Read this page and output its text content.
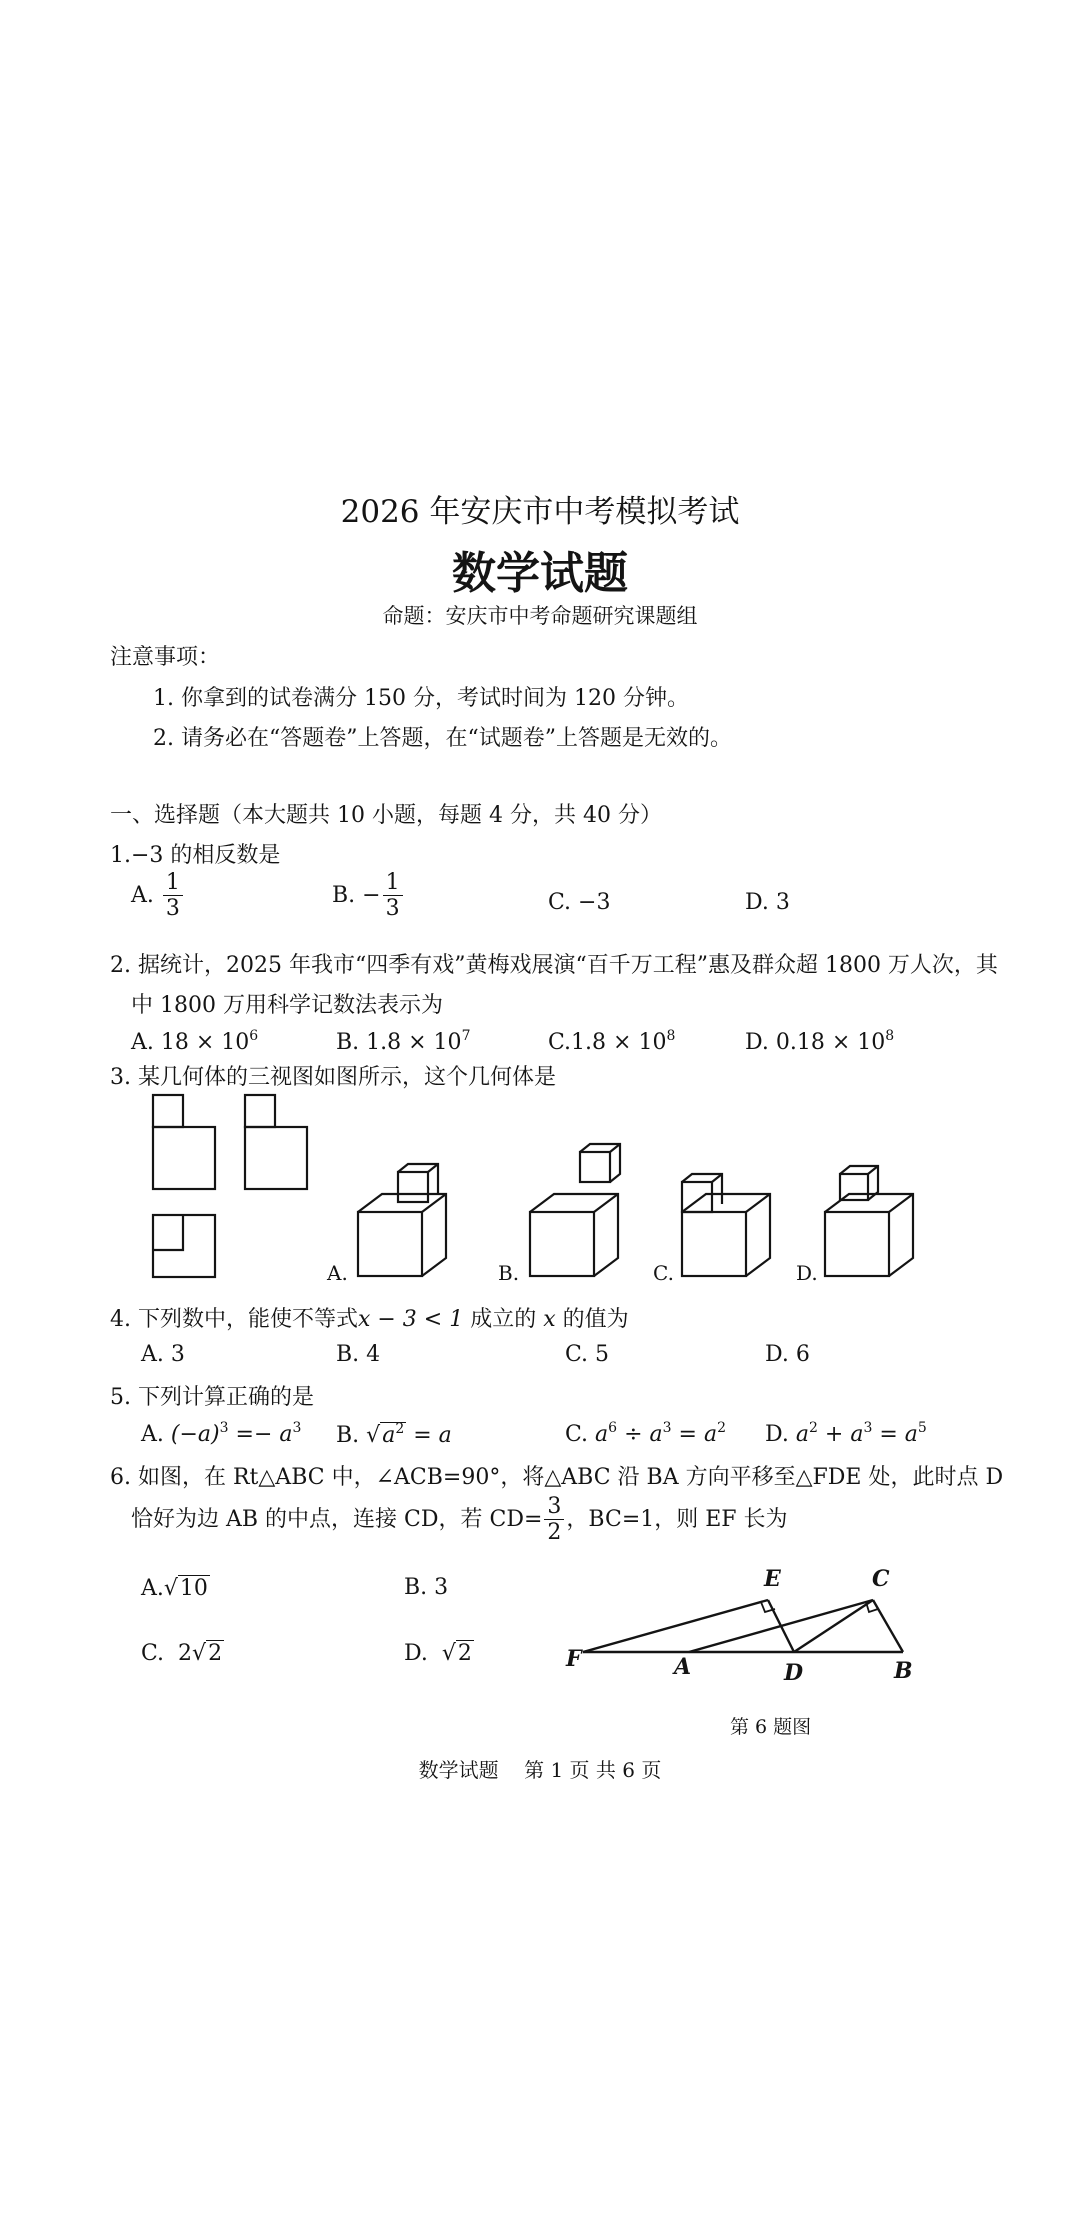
2026 年安庆市中考模拟考试
数学试题
命题：安庆市中考命题研究课题组
注意事项：
1. 你拿到的试卷满分 150 分，考试时间为 120 分钟。
2. 请务必在“答题卷”上答题，在“试题卷”上答题是无效的。
一、选择题（本大题共 10 小题，每题 4 分，共 40 分）
1.−3 的相反数是
A. $\frac{1}{3}$	B. − $\frac{1}{3}$	C. −3	D. 3
2. 据统计，2025 年我市“四季有戏”黄梅戏展演“百千万工程”惠及群众超 1800 万人次，其
中 1800 万用科学记数法表示为
A. $18 \times 10^6$	B. $1.8 \times 10^7$	$C.1.8 \times 10^8$	D. $0.18 \times 10^8$
3. 某几何体的三视图如图所示，这个几何体是
A.	B.	C.	D.
4. 下列数中，能使不等式x − 3 < 1 成立的 x 的值为
A. 3	B. 4	C. 5	D. 6
5. 下列计算正确的是
A. $(-a)^3 =- a^3$ B. $√a^2 = a$	C. $a^6 \div a^3 = a^2$ D. $a^2 + a^3 = a^5$
6. 如图，在 Rt△ABC 中，∠ACB=90°，将△ABC 沿 BA 方向平移至△FDE 处，此时点 D
恰好为边 AB 的中点，连接 CD，若 $CD= \frac{3}{2}$ ，BC=1，则 EF 长为
A.√10	B. 3
C. 2√2	D. √2
E	C
F	A	D	B
第 6 题图
数学试题    第 1 页 共 6 页
